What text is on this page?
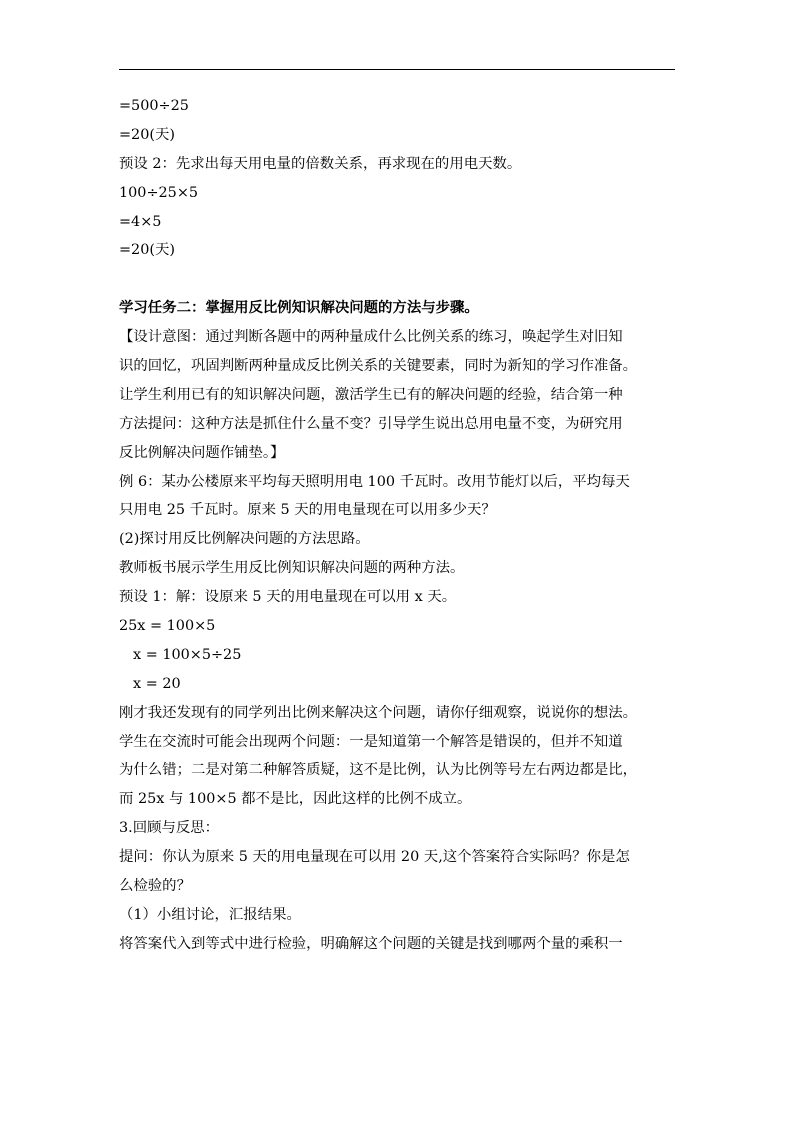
=500÷25
=20(天)
预设 2：先求出每天用电量的倍数关系，再求现在的用电天数。
100÷25×5
=4×5
=20(天)
学习任务二：掌握用反比例知识解决问题的方法与步骤。
【设计意图：通过判断各题中的两种量成什么比例关系的练习，唤起学生对旧知
识的回忆，巩固判断两种量成反比例关系的关键要素，同时为新知的学习作准备。
让学生利用已有的知识解决问题，激活学生已有的解决问题的经验，结合第一种
方法提问：这种方法是抓住什么量不变？引导学生说出总用电量不变，为研究用
反比例解决问题作铺垫。】
例 6：某办公楼原来平均每天照明用电 100 千瓦时。改用节能灯以后，平均每天
只用电 25 千瓦时。原来 5 天的用电量现在可以用多少天？
(2)探讨用反比例解决问题的方法思路。
教师板书展示学生用反比例知识解决问题的两种方法。
预设 1：解：设原来 5 天的用电量现在可以用 x 天。
25x = 100×5
x = 100×5÷25
x = 20
刚才我还发现有的同学列出比例来解决这个问题，请你仔细观察，说说你的想法。
学生在交流时可能会出现两个问题：一是知道第一个解答是错误的，但并不知道
为什么错；二是对第二种解答质疑，这不是比例，认为比例等号左右两边都是比，
而 25x 与 100×5 都不是比，因此这样的比例不成立。
3.回顾与反思：
提问：你认为原来 5 天的用电量现在可以用 20 天,这个答案符合实际吗？你是怎
么检验的？
（1）小组讨论，汇报结果。
将答案代入到等式中进行检验，明确解这个问题的关键是找到哪两个量的乘积一
